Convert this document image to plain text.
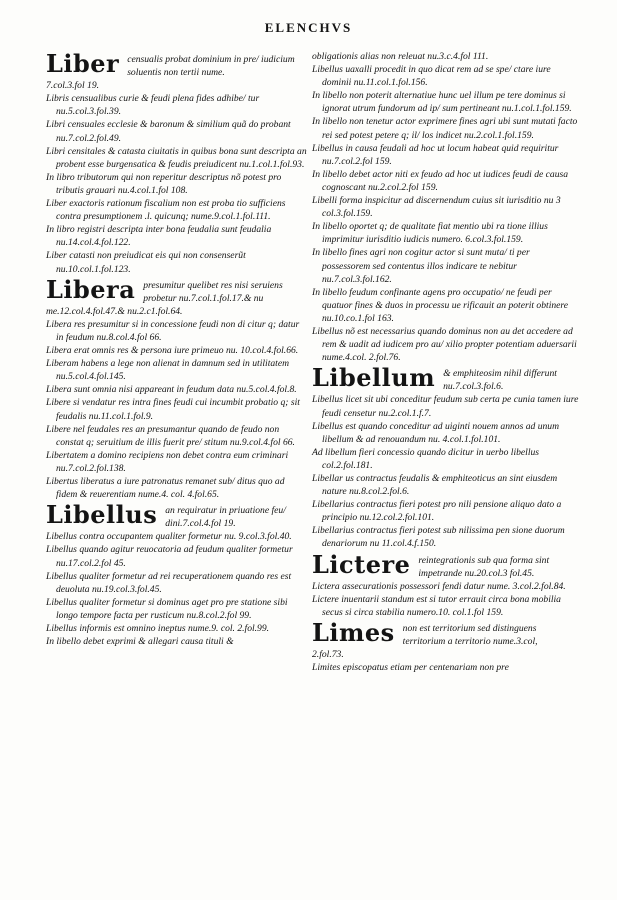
ELENCHVS
Liber censualis probat dominium in pre/ iudicium soluentis non tertii nume.

7.col.3.fol 19.

Libris censualibus curie & feudi plena fides adhibe/ tur nu.5.col.3.fol.39.

Libri censuales ecclesie & baronum & similium quã do probant nu.7.col.2.fol.49.

Libri censitales & catasta ciuitatis in quibus bona sunt descripta an probent esse burgensatica & feudis preiudicent nu.1.col.1.fol.93.

In libro tributorum qui non reperitur descriptus nõ potest pro tributis grauari nu.4.col.1.fol 108.

Liber exactoris rationum fiscalium non est proba tio sufficiens contra presumptionem .l. quicunq; nume.9.col.1.fol.111.

In libro registri descripta inter bona feudalia sunt feudalia nu.14.col.4.fol.122.

Liber catasti non preiudicat eis qui non consenserũt nu.10.col.1.fol.123.

Libera presumitur quelibet res nisi seruiens probetur nu.7.col.1.fol.17.& nu

me.12.col.4.fol.47.& nu.2.c1.fol.64.

Libera res presumitur si in concessione feudi non di citur q; datur in feudum nu.8.col.4.fol 66.

Libera erat omnis res & persona iure primeuo nu. 10.col.4.fol.66.

Liberam habens a lege non alienat in damnum sed in utilitatem nu.5.col.4.fol.145.

Libera sunt omnia nisi appareant in feudum data nu.5.col.4.fol.8.

Libere si vendatur res intra fines feudi cui incumbit probatio q; sit feudalis nu.11.col.1.fol.9.

Libere nel feudales res an presumantur quando de feudo non constat q; seruitium de illis fuerit pre/ stitum nu.9.col.4.fol 66.

Libertatem a domino recipiens non debet contra eum criminari nu.7.col.2.fol.138.

Libertus liberatus a iure patronatus remanet sub/ ditus quo ad fidem & reuerentiam nume.4. col. 4.fol.65.

Libellus an requiratur in priuatione feu/ dini.7.col.4.fol 19.

Libellus contra occupantem qualiter formetur nu. 9.col.3.fol.40.

Libellus quando agitur reuocatoria ad feudum qualiter formetur nu.17.col.2.fol 45.

Libellus qualiter formetur ad rei recuperationem quando res est deuoluta nu.19.col.3.fol.45.

Libellus qualiter formetur si dominus aget pro pre statione sibi longo tempore facta per rusticum nu.8.col.2.fol 99.

Libellus informis est omnino ineptus nume.9. col. 2.fol.99.

In libello debet exprimi & allegari causa tituli &

obligationis alias non releuat nu.3.c.4.fol 111.

Libellus uaxalli procedit in quo dicat rem ad se spe/ ctare iure dominii nu.11.col.1.fol.156.

In libello non poterit alternatiue hunc uel illum pe tere dominus si ignorat utrum fundorum ad ip/ sum pertineant nu.1.col.1.fol.159.

In libello non tenetur actor exprimere fines agri ubi sunt mutati facto rei sed potest petere q; il/ los indicet nu.2.col.1.fol.159.

Libellus in causa feudali ad hoc ut locum habeat quid requiritur nu.7.col.2.fol 159.

In libello debet actor niti ex feudo ad hoc ut iudices feudi de causa cognoscant nu.2.col.2.fol 159.

Libelli forma inspicitur ad discernendum cuius sit iurisditio nu 3 col.3.fol.159.

In libello oportet q; de qualitate fiat mentio ubi ra tione illius imprimitur iurisditio iudicis numero. 6.col.3.fol.159.

In libello fines agri non cogitur actor si sunt muta/ ti per possessorem sed contentus illos indicare te nebitur nu.7.col.3.fol.162.

In libello feudum confinante agens pro occupatio/ ne feudi per quatuor fines & duos in processu ue rificauit an poterit obtinere nu.10.co.1.fol 163.

Libellus nõ est necessarius quando dominus non au det accedere ad rem & uadit ad iudicem pro au/ xilio propter potentiam aduersarii nume.4.col. 2.fol.76.

Libellum & emphiteosim nihil differunt nu.7.col.3.fol.6.

Libellus licet sit ubi conceditur feudum sub certa pe cunia tamen iure feudi censetur nu.2.col.1.f.7.

Libellus est quando conceditur ad uiginti nouem annos ad unum libellum & ad renouandum nu. 4.col.1.fol.101.

Ad libellum fieri concessio quando dicitur in uerbo libellus col.2.fol.181.

Libellar us contractus feudalis & emphiteoticus an sint eiusdem nature nu.8.col.2.fol.6.

Libellarius contractus fieri potest pro nili pensione aliquo dato a principio nu.12.col.2.fol.101.

Libellarius contractus fieri potest sub nilissima pen sione duorum denariorum nu 11.col.4.f.150.

Lictere reintegrationis sub qua forma sint impetrande nu.20.col.3 fol.45.

Lictera assecurationis possessori fendi datur nume. 3.col.2.fol.84.

Lictere inuentarii standum est si tutor errauit circa bona mobilia secus si circa stabilia numero.10. col.1.fol 159.

Limes non est territorium sed distinguens territorium a territorio nume.3.col,

2.fol.73.

Limites episcopatus etiam per centenariam non pre
